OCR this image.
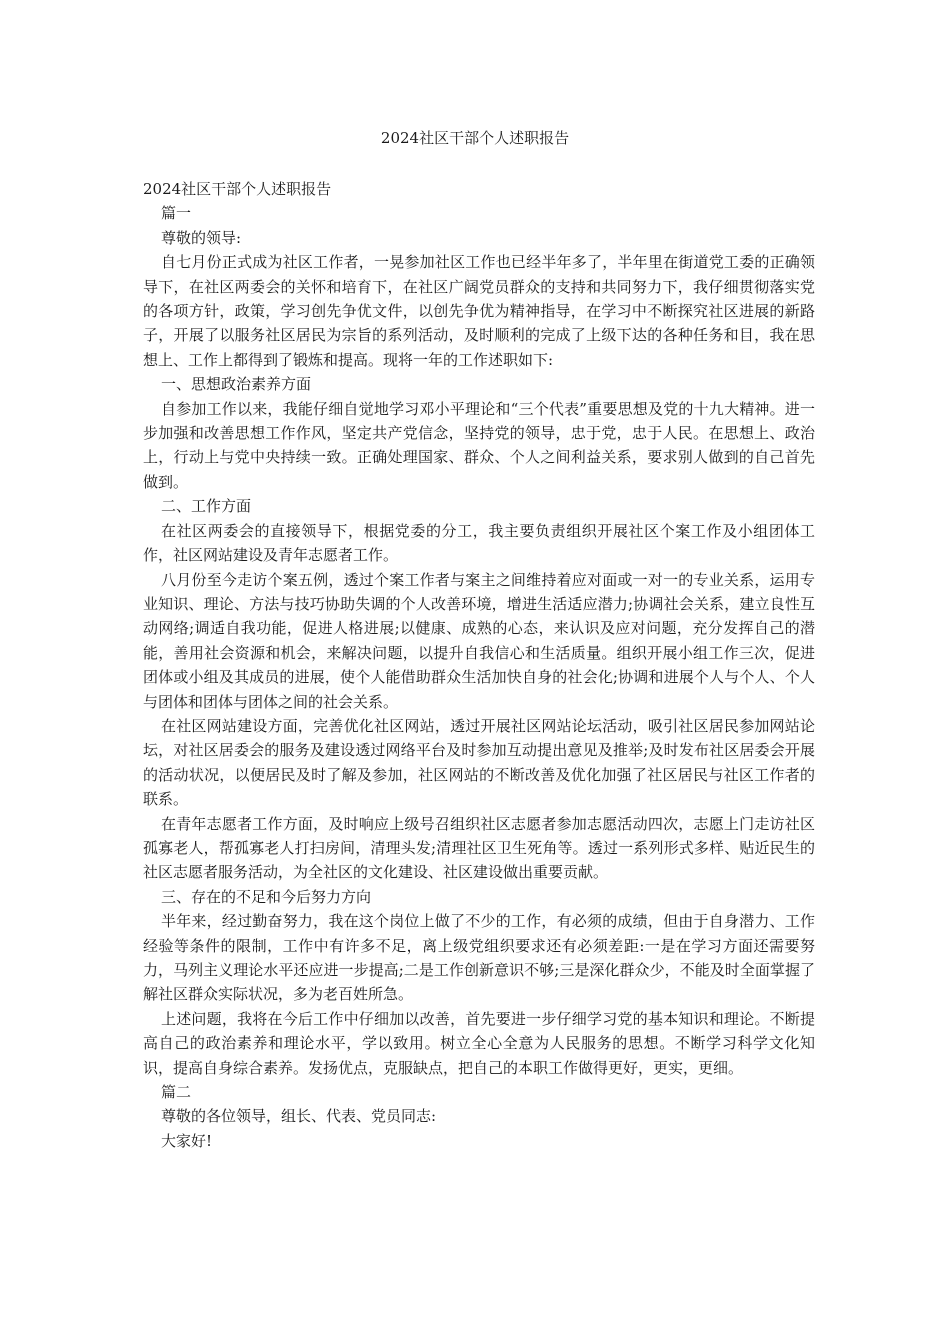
2024社区干部个人述职报告

2024社区干部个人述职报告

篇一

尊敬的领导:

自七月份正式成为社区工作者，一晃参加社区工作也已经半年多了，半年里在街道党工委的正确领导下，在社区两委会的关怀和培育下，在社区广阔党员群众的支持和共同努力下，我仔细贯彻落实党的各项方针，政策，学习创先争优文件，以创先争优为精神指导，在学习中不断探究社区进展的新路子，开展了以服务社区居民为宗旨的系列活动，及时顺利的完成了上级下达的各种任务和目，我在思想上、工作上都得到了锻炼和提高。现将一年的工作述职如下:

一、思想政治素养方面

自参加工作以来，我能仔细自觉地学习邓小平理论和“三个代表”重要思想及党的十九大精神。进一步加强和改善思想工作作风，坚定共产党信念，坚持党的领导，忠于党，忠于人民。在思想上、政治上，行动上与党中央持续一致。正确处理国家、群众、个人之间利益关系，要求别人做到的自己首先做到。

二、工作方面

在社区两委会的直接领导下，根据党委的分工，我主要负责组织开展社区个案工作及小组团体工作，社区网站建设及青年志愿者工作。

八月份至今走访个案五例，透过个案工作者与案主之间维持着应对面或一对一的专业关系，运用专业知识、理论、方法与技巧协助失调的个人改善环境，增进生活适应潜力;协调社会关系，建立良性互动网络;调适自我功能，促进人格进展;以健康、成熟的心态，来认识及应对问题，充分发挥自己的潜能，善用社会资源和机会，来解决问题，以提升自我信心和生活质量。组织开展小组工作三次，促进团体或小组及其成员的进展，使个人能借助群众生活加快自身的社会化;协调和进展个人与个人、个人与团体和团体与团体之间的社会关系。

在社区网站建设方面，完善优化社区网站，透过开展社区网站论坛活动，吸引社区居民参加网站论坛，对社区居委会的服务及建设透过网络平台及时参加互动提出意见及推举;及时发布社区居委会开展的活动状况，以便居民及时了解及参加，社区网站的不断改善及优化加强了社区居民与社区工作者的联系。

在青年志愿者工作方面，及时响应上级号召组织社区志愿者参加志愿活动四次，志愿上门走访社区孤寡老人，帮孤寡老人打扫房间，清理头发;清理社区卫生死角等。透过一系列形式多样、贴近民生的社区志愿者服务活动，为全社区的文化建设、社区建设做出重要贡献。

三、存在的不足和今后努力方向

半年来，经过勤奋努力，我在这个岗位上做了不少的工作，有必须的成绩，但由于自身潜力、工作经验等条件的限制，工作中有许多不足，离上级党组织要求还有必须差距:一是在学习方面还需要努力，马列主义理论水平还应进一步提高;二是工作创新意识不够;三是深化群众少，不能及时全面掌握了解社区群众实际状况，多为老百姓所急。

上述问题，我将在今后工作中仔细加以改善，首先要进一步仔细学习党的基本知识和理论。不断提高自己的政治素养和理论水平，学以致用。树立全心全意为人民服务的思想。不断学习科学文化知识，提高自身综合素养。发扬优点，克服缺点，把自己的本职工作做得更好，更实，更细。

篇二

尊敬的各位领导，组长、代表、党员同志:

大家好!
